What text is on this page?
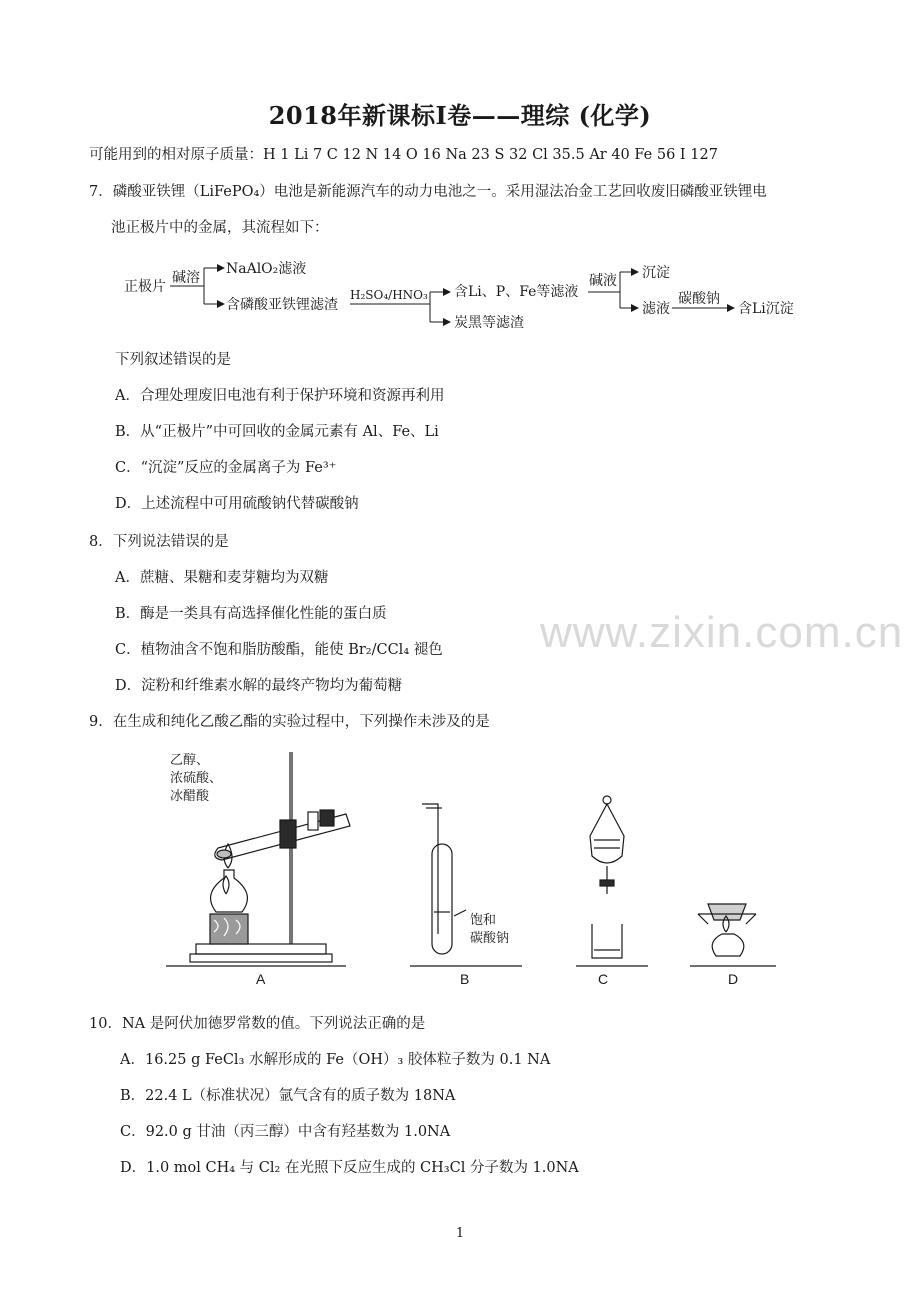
2018年新课标I卷——理综 (化学)
可能用到的相对原子质量：H 1 Li 7 C 12 N 14 O 16 Na 23 S 32 Cl 35.5 Ar 40 Fe 56 I 127
7．磷酸亚铁锂（LiFePO₄）电池是新能源汽车的动力电池之一。采用湿法冶金工艺回收废旧磷酸亚铁锂电
池正极片中的金属，其流程如下：
正极片
碱溶
NaAlO₂滤液
含磷酸亚铁锂滤渣
H₂SO₄/HNO₃ 含Li、P、Fe等滤液
炭黑等滤渣
碱液 沉淀
滤液
碳酸钠
含Li沉淀
下列叙述错误的是
A．合理处理废旧电池有利于保护环境和资源再利用
B．从“正极片”中可回收的金属元素有 Al、Fe、Li
C．“沉淀”反应的金属离子为 Fe³⁺
D．上述流程中可用硫酸钠代替碳酸钠
8．下列说法错误的是
A．蔗糖、果糖和麦芽糖均为双糖
B．酶是一类具有高选择催化性能的蛋白质
C．植物油含不饱和脂肪酸酯，能使 Br₂/CCl₄ 褪色
D．淀粉和纤维素水解的最终产物均为葡萄糖
www.zixin.com.cn
9．在生成和纯化乙酸乙酯的实验过程中，下列操作未涉及的是
乙醇、
浓硫酸、
冰醋酸
饱和
碳酸钠
A	B	C	D
10．NA 是阿伏加德罗常数的值。下列说法正确的是
A．16.25 g FeCl₃ 水解形成的 Fe（OH）₃ 胶体粒子数为 0.1 NA
B．22.4 L（标准状况）氩气含有的质子数为 18NA
C．92.0 g 甘油（丙三醇）中含有羟基数为 1.0NA
D．1.0 mol CH₄ 与 Cl₂ 在光照下反应生成的 CH₃Cl 分子数为 1.0NA
1
